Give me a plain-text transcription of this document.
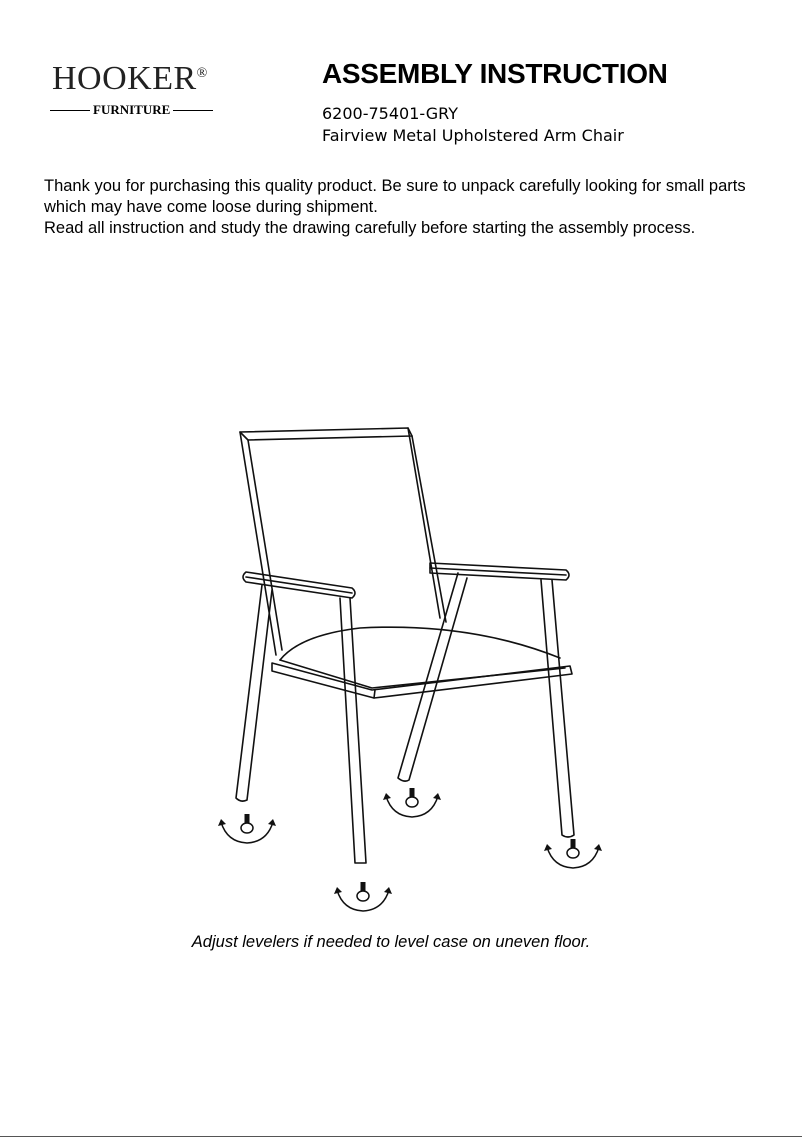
HOOKER®
FURNITURE
ASSEMBLY INSTRUCTION
6200-75401-GRY
Fairview Metal Upholstered Arm Chair

Thank you for purchasing this quality product. Be sure to unpack carefully looking for small parts which may have come loose during shipment.

Read all instruction and study the drawing carefully before starting the assembly process.

Adjust levelers if needed to level case on uneven floor.
